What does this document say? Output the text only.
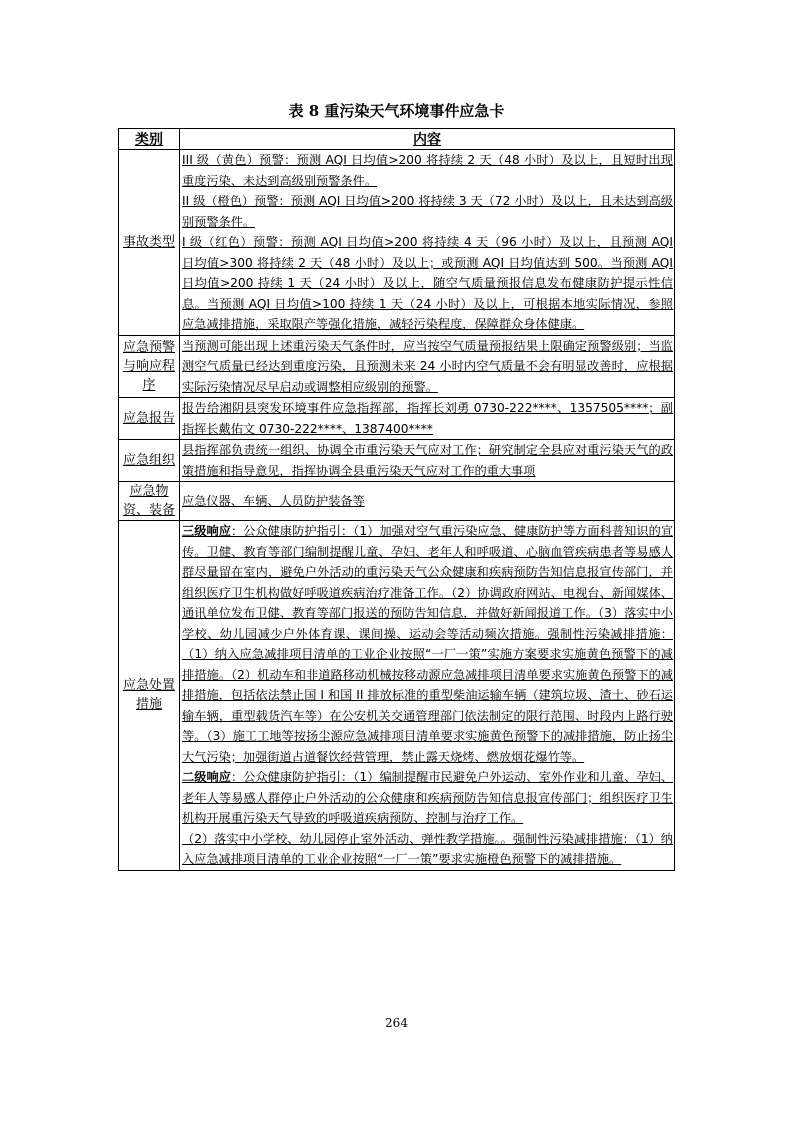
表 8 重污染天气环境事件应急卡
类别	内容
事故类型	III 级（黄色）预警：预测 AQI 日均值>200 将持续 2 天（48 小时）及以上，且短时出现重度污染、未达到高级别预警条件。

II 级（橙色）预警：预测 AQI 日均值>200 将持续 3 天（72 小时）及以上，且未达到高级别预警条件。

I 级（红色）预警：预测 AQI 日均值>200 将持续 4 天（96 小时）及以上，且预测 AQI 日均值>300 将持续 2 天（48 小时）及以上；或预测 AQI 日均值达到 500。当预测 AQI 日均值>200 持续 1 天（24 小时）及以上，随空气质量预报信息发布健康防护提示性信息。当预测 AQI 日均值>100 持续 1 天（24 小时）及以上，可根据本地实际情况，参照应急减排措施，采取限产等强化措施，减轻污染程度，保障群众身体健康。

应急预警与响应程序	当预测可能出现上述重污染天气条件时，应当按空气质量预报结果上限确定预警级别；当监测空气质量已经达到重度污染，且预测未来 24 小时内空气质量不会有明显改善时，应根据实际污染情况尽早启动或调整相应级别的预警。

应急报告	报告给湘阴县突发环境事件应急指挥部，指挥长刘勇 0730-222****、1357505****；副指挥长戴佑文 0730-222****、1387400****

应急组织	县指挥部负责统一组织、协调全市重污染天气应对工作；研究制定全县应对重污染天气的政策措施和指导意见，指挥协调全县重污染天气应对工作的重大事项

应急物资、装备	应急仪器、车辆、人员防护装备等

应急处置措施	三级响应：公众健康防护指引：（1）加强对空气重污染应急、健康防护等方面科普知识的宣传。卫健、教育等部门编制提醒儿童、孕妇、老年人和呼吸道、心脑血管疾病患者等易感人群尽量留在室内，避免户外活动的重污染天气公众健康和疾病预防告知信息报宣传部门，并组织医疗卫生机构做好呼吸道疾病治疗准备工作。（2）协调政府网站、电视台、新闻媒体、通讯单位发布卫健、教育等部门报送的预防告知信息，并做好新闻报道工作。（3）落实中小学校、幼儿园减少户外体育课、课间操、运动会等活动频次措施。强制性污染减排措施：（1）纳入应急减排项目清单的工业企业按照“一厂一策”实施方案要求实施黄色预警下的减排措施。（2）机动车和非道路移动机械按移动源应急减排项目清单要求实施黄色预警下的减排措施，包括依法禁止国 I 和国 II 排放标准的重型柴油运输车辆（建筑垃圾、渣土、砂石运输车辆，重型载货汽车等）在公安机关交通管理部门依法制定的限行范围、时段内上路行驶等。（3）施工工地等按扬尘源应急减排项目清单要求实施黄色预警下的减排措施，防止扬尘大气污染；加强街道占道餐饮经营管理，禁止露天烧烤、燃放烟花爆竹等。

二级响应：公众健康防护指引：（1）编制提醒市民避免户外运动、室外作业和儿童、孕妇、老年人等易感人群停止户外活动的公众健康和疾病预防告知信息报宣传部门；组织医疗卫生机构开展重污染天气导致的呼吸道疾病预防、控制与治疗工作。

（2）落实中小学校、幼儿园停止室外活动、弹性教学措施。。强制性污染减排措施：（1）纳入应急减排项目清单的工业企业按照“一厂一策”要求实施橙色预警下的减排措施。

264
